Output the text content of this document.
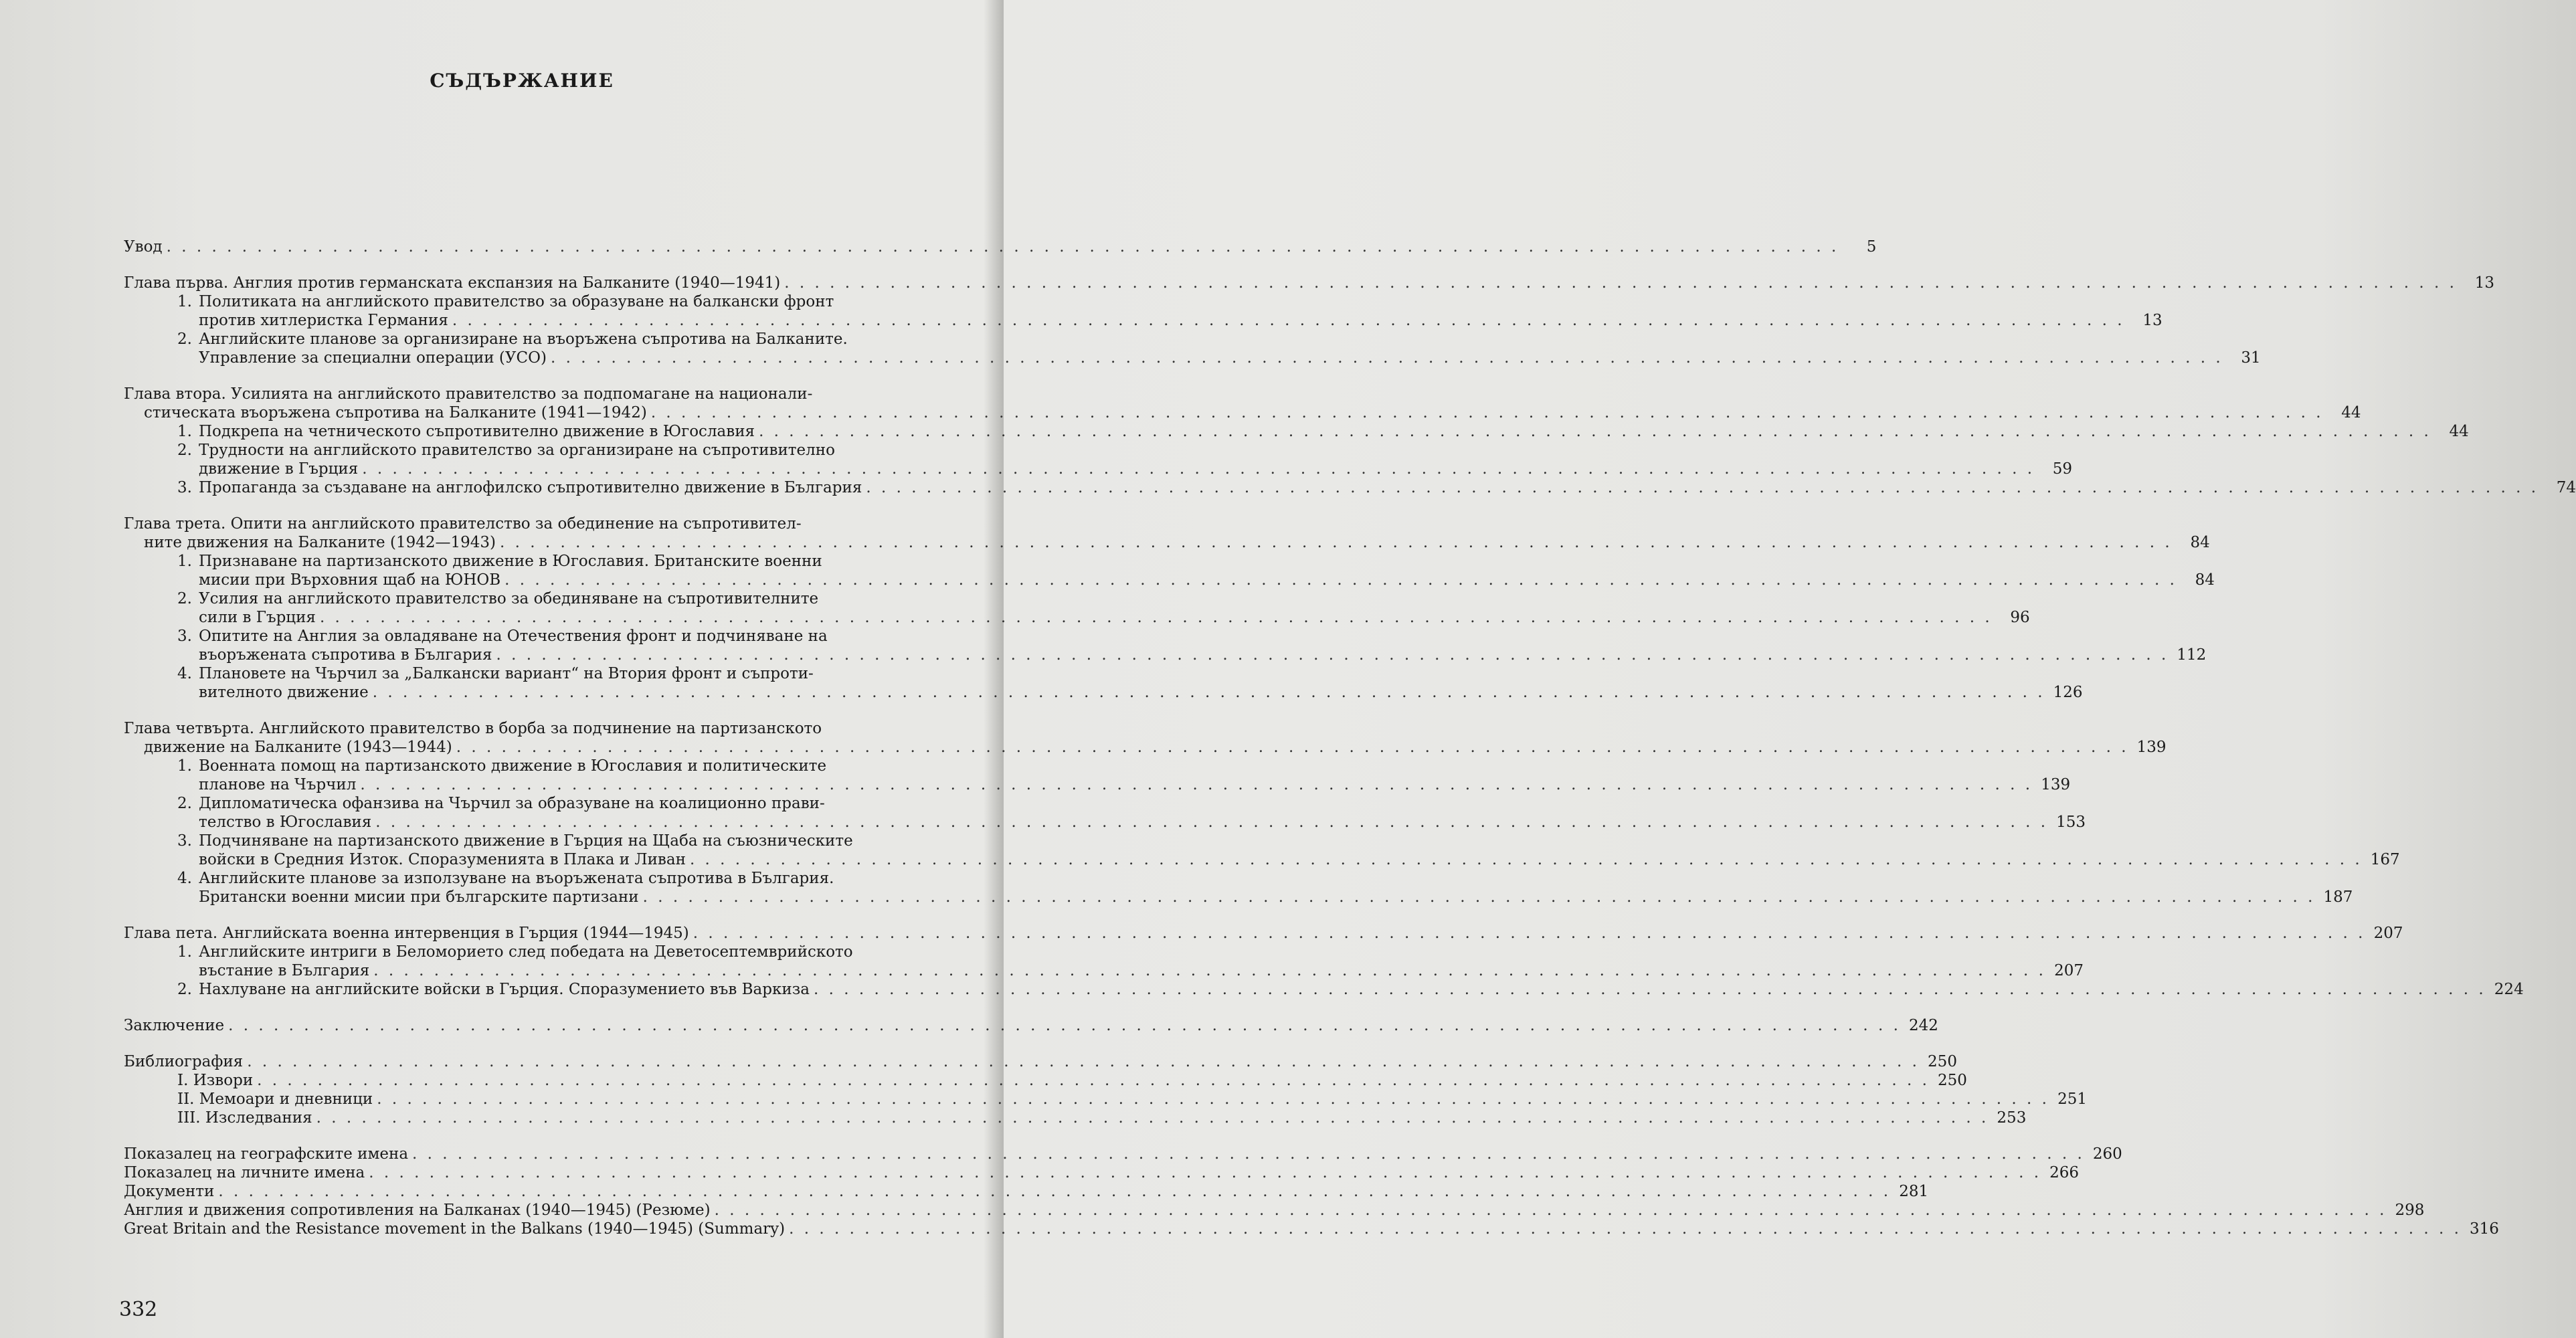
СЪДЪРЖАНИЕ
Увод . . .	5
Глава първа. Англия против германската експанзия на Балканите (1940—1941) . . .	13
1. Политиката на английското правителство за образуване на балкански фронт
против хитлеристка Германия . . .	13
2. Английските планове за организиране на въоръжена съпротива на Балканите.
Управление за специални операции (УСО) . . .	31
Глава втора. Усилията на английското правителство за подпомагане на национали-
стическата въоръжена съпротива на Балканите (1941—1942) . . .	44
1. Подкрепа на четническото съпротивително движение в Югославия . . .	44
2. Трудности на английското правителство за организиране на съпротивително
движение в Гърция . . .	59
3. Пропаганда за създаване на англофилско съпротивително движение в България . . .	74
Глава трета. Опити на английското правителство за обединение на съпротивител-
ните движения на Балканите (1942—1943) . . .	84
1. Признаване на партизанското движение в Югославия. Британските военни
мисии при Върховния щаб на ЮНОВ . . .	84
2. Усилия на английското правителство за обединяване на съпротивителните
сили в Гърция . . .	96
3. Опитите на Англия за овладяване на Отечествения фронт и подчиняване на
въоръжената съпротива в България . . .	112
4. Плановете на Чърчил за „Балкански вариант“ на Втория фронт и съпроти-
вителното движение . . .	126
Глава четвърта. Английското правителство в борба за подчинение на партизанското
движение на Балканите (1943—1944) . . .	139
1. Военната помощ на партизанското движение в Югославия и политическите
планове на Чърчил . . .	139
2. Дипломатическа офанзива на Чърчил за образуване на коалиционно прави-
телство в Югославия . . .	153
3. Подчиняване на партизанското движение в Гърция на Щаба на съюзническите
войски в Средния Изток. Споразуменията в Плака и Ливан . . .	167
4. Английските планове за използуване на въоръжената съпротива в България.
Британски военни мисии при българските партизани . . .	187
Глава пета. Английската военна интервенция в Гърция (1944—1945) . . .	207
1. Английските интриги в Беломорието след победата на Деветосептемврийското
въстание в България . . .	207
2. Нахлуване на английските войски в Гърция. Споразумението във Варкиза . . .	224
Заключение . . .	242
Библиография . . .	250
I. Извори . . .	250
II. Мемоари и дневници . . .	251
III. Изследвания . . .	253
Показалец на географските имена . . .	260
Показалец на личните имена . . .	266
Документи . . .	281
Англия и движения сопротивления на Балканах (1940—1945) (Резюме) . . .	298
Great Britain and the Resistance movement in the Balkans (1940—1945) (Summary) . . .	316
332
